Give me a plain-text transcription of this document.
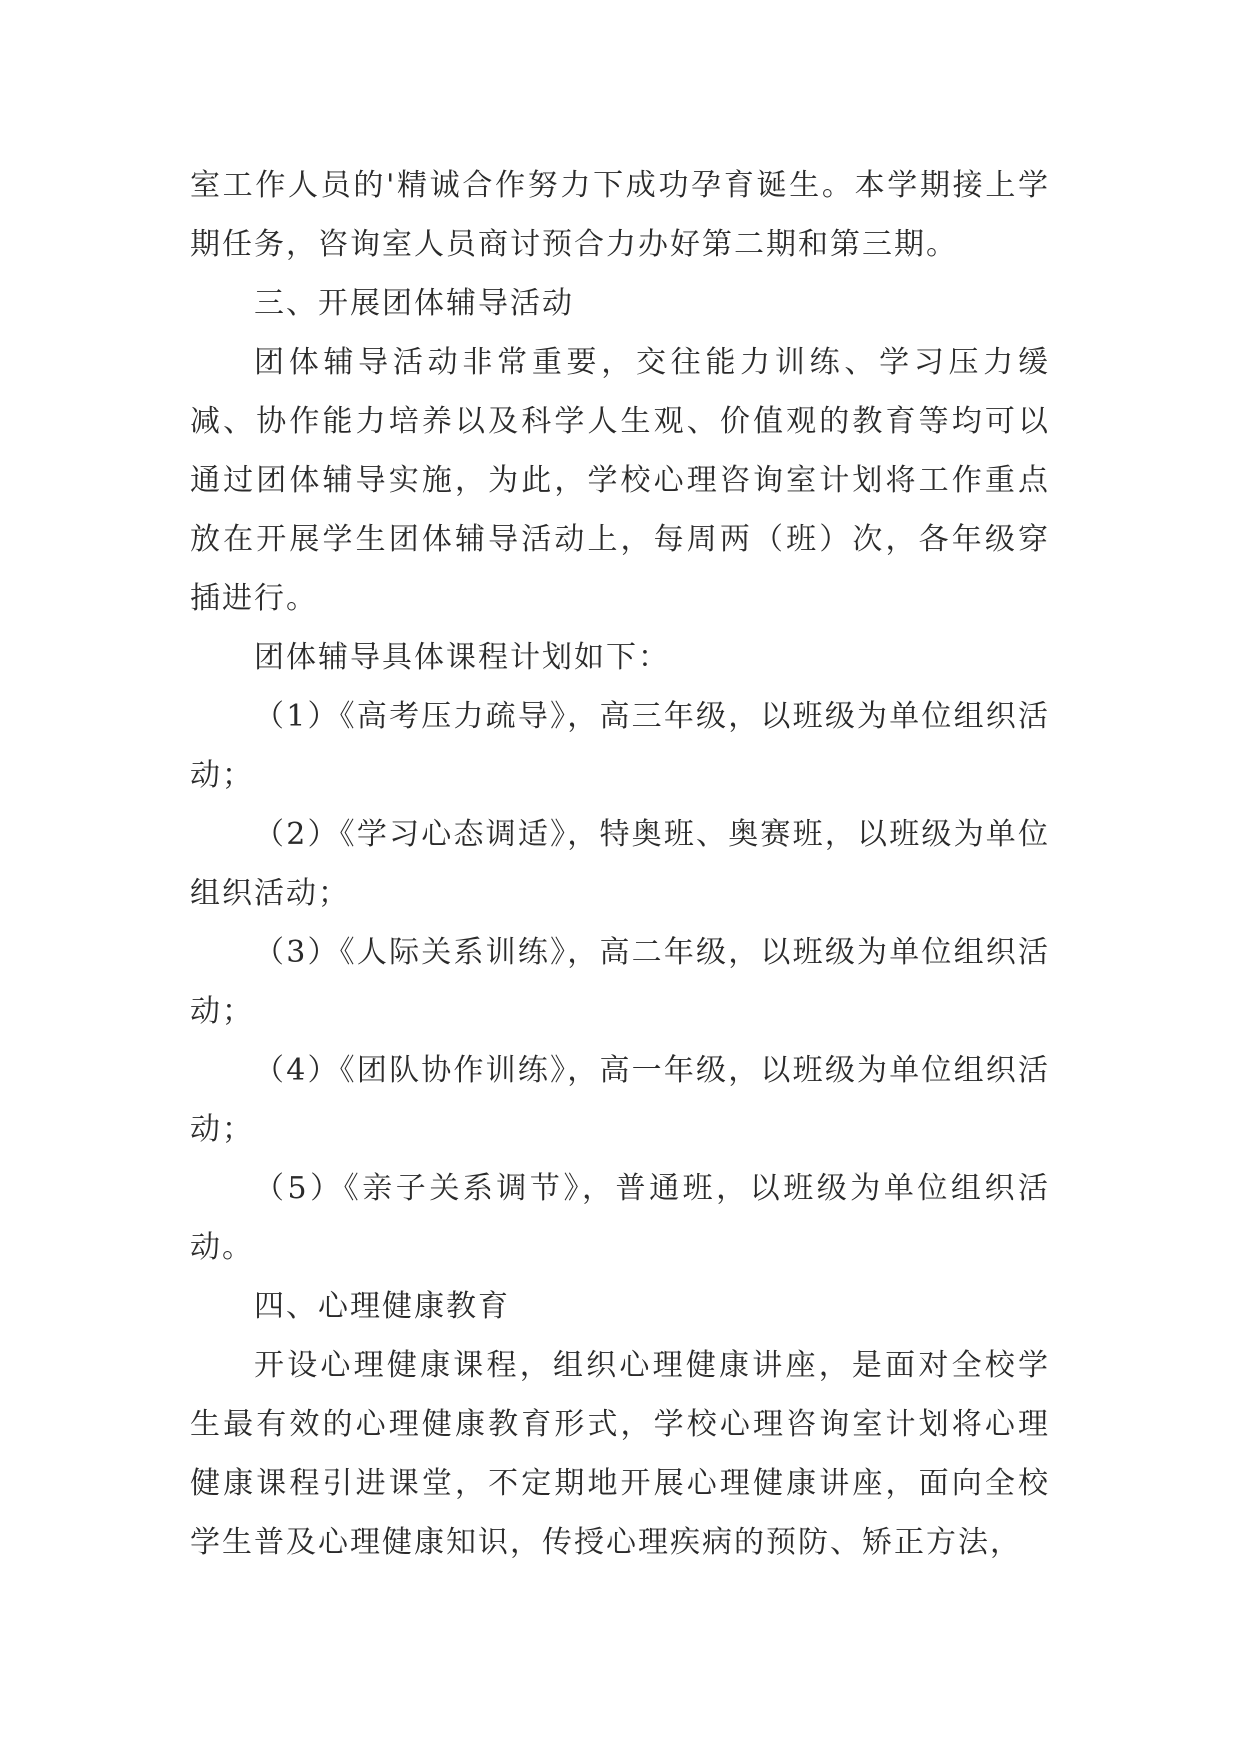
室工作人员的'精诚合作努力下成功孕育诞生。本学期接上学期任务，咨询室人员商讨预合力办好第二期和第三期。

三、开展团体辅导活动

团体辅导活动非常重要，交往能力训练、学习压力缓减、协作能力培养以及科学人生观、价值观的教育等均可以通过团体辅导实施，为此，学校心理咨询室计划将工作重点放在开展学生团体辅导活动上，每周两（班）次，各年级穿插进行。

团体辅导具体课程计划如下：

（1）《高考压力疏导》，高三年级，以班级为单位组织活动；

（2）《学习心态调适》，特奥班、奥赛班，以班级为单位组织活动；

（3）《人际关系训练》，高二年级，以班级为单位组织活动；

（4）《团队协作训练》，高一年级，以班级为单位组织活动；

（5）《亲子关系调节》，普通班，以班级为单位组织活动。

四、心理健康教育

开设心理健康课程，组织心理健康讲座，是面对全校学生最有效的心理健康教育形式，学校心理咨询室计划将心理健康课程引进课堂，不定期地开展心理健康讲座，面向全校学生普及心理健康知识，传授心理疾病的预防、矫正方法，
